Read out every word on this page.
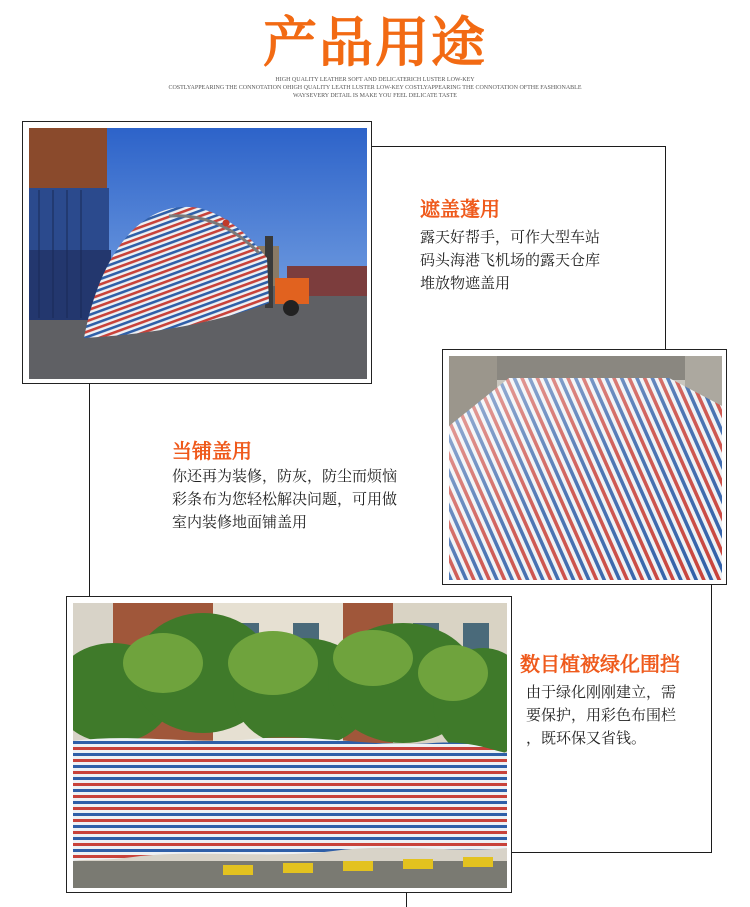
产品用途
HIGH QUALITY LEATHER SOFT AND DELICATERICH LUSTER LOW-KEY
COSTLYAPPEARING THE CONNOTATION OHIGH QUALITY LEATH LUSTER LOW-KEY COSTLYAPPEARING THE CONNOTATION OFTHE FASHIONABLE
WAYSEVERY DETAIL IS MAKE YOU FEEL DELICATE TASTE
遮盖蓬用
露天好帮手，可作大型车站
码头海港飞机场的露天仓库
堆放物遮盖用
当铺盖用
你还再为装修，防灰，防尘而烦恼
彩条布为您轻松解决问题，可用做
室内装修地面铺盖用
数目植被绿化围挡
由于绿化刚刚建立，需
要保护，用彩色布围栏
，既环保又省钱。
